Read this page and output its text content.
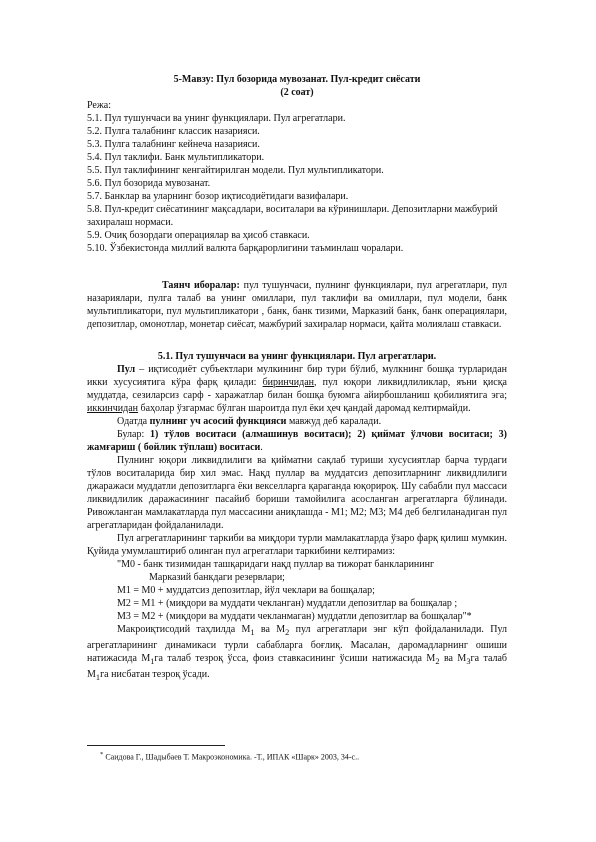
5-Мавзу: Пул бозорида мувозанат. Пул-кредит сиёсати
(2 соат)
Режа:
5.1. Пул тушунчаси ва унинг функциялари. Пул агрегатлари.
5.2. Пулга талабнинг классик назарияси.
5.3. Пулга талабнинг кейнеча назарияси.
5.4. Пул таклифи. Банк мультипликатори.
5.5. Пул таклифининг кенгайтирилган модели. Пул мультипликатори.
5.6. Пул бозорида мувозанат.
5.7. Банклар ва уларнинг бозор иқтисодиётидаги вазифалари.
5.8. Пул-кредит сиёсатининг мақсадлари, воситалари ва кўринишлари. Депозитларни мажбурий захиралаш нормаси.
5.9. Очиқ бозордаги операциялар ва ҳисоб ставкаси.
5.10. Ўзбекистонда миллий валюта барқарорлигини таъминлаш чоралари.

Таянч иборалар: пул тушунчаси, пулнинг функциялари, пул агрегатлари, пул назариялари, пулга талаб ва унинг омиллари, пул таклифи ва омиллари, пул модели, банк мультипликатори, пул мультипликатори , банк, банк тизими, Марказий банк, банк операциялари, депозитлар, омонотлар, монетар сиёсат, мажбурий захиралар нормаси, қайта молиялаш ставкаси.

5.1. Пул тушунчаси ва унинг функциялари. Пул агрегатлари.

Пул – иқтисодиёт субъектлари мулкининг бир тури бўлиб, мулкнинг бошқа турларидан икки хусусиятига кўра фарқ қилади: биринчидан, пул юқори ликвидлиликлар, яъни қисқа муддатда, сезиларсиз сарф - харажатлар билан бошқа буюмга айирбошланиш қобилиятига эга; иккинчидан баҳолар ўзгармас бўлган шароитда пул ёки ҳеч қандай даромад келтирмайди.

Одатда пулнинг уч асосий функцияси мавжуд деб каралади.

Булар: 1) тўлов воситаси (алмашинув воситаси); 2) қиймат ўлчови воситаси; 3) жамғариш ( бойлик тўплаш) воситаси.

Пулнинг юқори ликвидлилиги ва қийматни сақлаб туриши хусусиятлар барча турдаги тўлов воситаларида бир хил эмас. Нақд пуллар ва муддатсиз депозитларнинг ликвидлилиги джаражаси муддатли депозитларга ёки векселларга қараганда юқорироқ. Шу сабабли пул массаси ликвидлилик даражасининг пасайиб бориши тамойилига асосланган агрегатларга бўлинади. Ривожланган мамлакатларда пул массасини аниқлашда - М1; М2; М3; М4 деб белгиланадиган пул агрегатларидан фойдаланилади.

Пул агрегатларининг таркиби ва миқдори турли мамлакатларда ўзаро фарқ қилиш мумкин. Қуйида умумлаштириб олинган пул агрегатлари таркибини келтирамиз:

"М0 - банк тизимидан ташқаридаги нақд пуллар ва тижорат банкларининг
Марказий банкдаги резервлари;
М1 = М0 + муддатсиз депозитлар, йўл чеклари ва бошқалар;
М2 = М1 + (миқдори ва муддати чекланган) муддатли депозитлар ва бошқалар ;
М3 = М2 + (миқдори ва муддати чекланмаган) муддатли депозитлар ва бошқалар"*

Макроиқтисодий таҳлилда $М_1$ ва $М_2$ пул агрегатлари энг кўп фойдаланилади. Пул агрегатларининг динамикаси турли сабабларга боғлиқ. Масалан, даромадларнинг ошиши натижасида $М_1га$ талаб тезроқ ўсса, фоиз ставкасининг ўсиши натижасида $М_2$ ва $М_3га$ талаб $М_1га$ нисбатан тезроқ ўсади.

* Саидова Г., Шадыбаев Т. Макроэкономика. -Т., ИПАК «Шарк» 2003, 34-с..
